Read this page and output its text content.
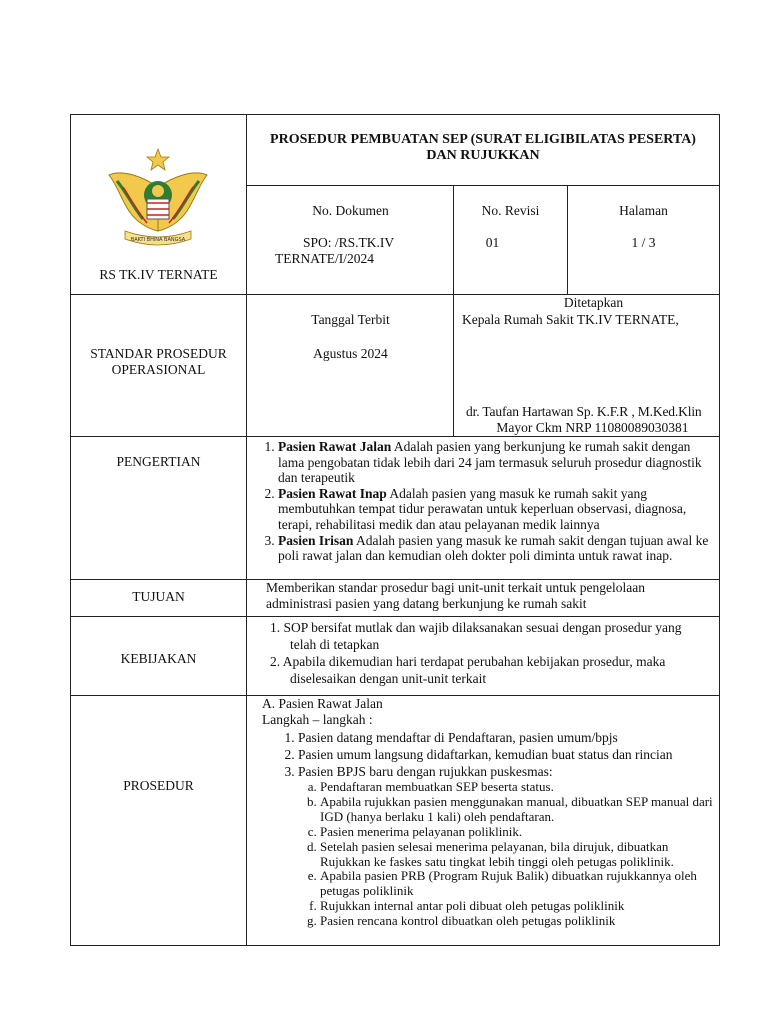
BAKTI BHINA BANGSA
RS TK.IV TERNATE
PROSEDUR PEMBUATAN SEP (SURAT ELIGIBILATAS PESERTA) DAN RUJUKKAN
No. Dokumen
SPO: /RS.TK.IV TERNATE/I/2024
No. Revisi
01
Halaman
1 / 3
STANDAR PROSEDUR OPERASIONAL
Tanggal Terbit
Agustus 2024
Ditetapkan
Kepala Rumah Sakit TK.IV TERNATE,
dr. Taufan Hartawan Sp. K.F.R , M.Ked.Klin
Mayor Ckm NRP 11080089030381
PENGERTIAN
1. Pasien Rawat Jalan Adalah pasien yang berkunjung ke rumah sakit dengan lama pengobatan tidak lebih dari 24 jam termasuk seluruh prosedur diagnostik dan terapeutik
2. Pasien Rawat Inap Adalah pasien yang masuk ke rumah sakit yang membutuhkan tempat tidur perawatan untuk keperluan observasi, diagnosa, terapi, rehabilitasi medik dan atau pelayanan medik lainnya
3. Pasien Irisan Adalah pasien yang masuk ke rumah sakit dengan tujuan awal ke poli rawat jalan dan kemudian oleh dokter poli diminta untuk rawat inap.
TUJUAN
Memberikan standar prosedur bagi unit-unit terkait untuk pengelolaan administrasi pasien yang datang berkunjung ke rumah sakit
KEBIJAKAN
1. SOP bersifat mutlak dan wajib dilaksanakan sesuai dengan prosedur yang
telah di tetapkan
2. Apabila dikemudian hari terdapat perubahan kebijakan prosedur, maka
diselesaikan dengan unit-unit terkait
PROSEDUR
A. Pasien Rawat Jalan
Langkah – langkah :
1. Pasien datang mendaftar di Pendaftaran, pasien umum/bpjs
2. Pasien umum langsung didaftarkan, kemudian buat status dan rincian
3. Pasien BPJS baru dengan rujukkan puskesmas:
a. Pendaftaran membuatkan SEP beserta status.
b. Apabila rujukkan pasien menggunakan manual, dibuatkan SEP manual dari IGD (hanya berlaku 1 kali) oleh pendaftaran.
c. Pasien menerima pelayanan poliklinik.
d. Setelah pasien selesai menerima pelayanan, bila dirujuk, dibuatkan Rujukkan ke faskes satu tingkat lebih tinggi oleh petugas poliklinik.
e. Apabila pasien PRB (Program Rujuk Balik) dibuatkan rujukkannya oleh petugas poliklinik
f. Rujukkan internal antar poli dibuat oleh petugas poliklinik
g. Pasien rencana kontrol dibuatkan oleh petugas poliklinik
